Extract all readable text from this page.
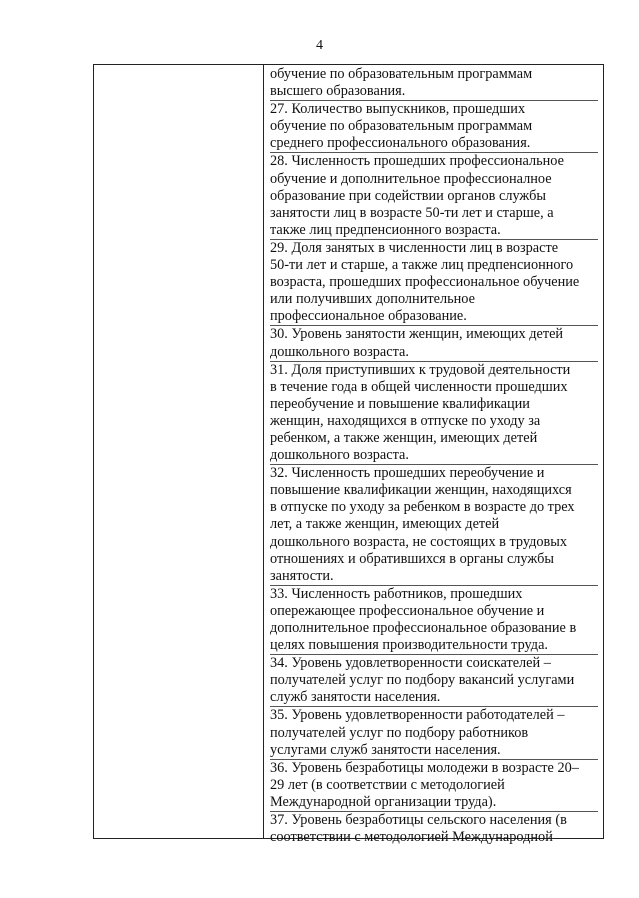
4

обучение по образовательным программам
высшего образования.

27. Количество выпускников, прошедших
обучение по образовательным программам
среднего профессионального образования.

28. Численность прошедших профессиональное
обучение и дополнительное профессионалное
образование при содействии органов службы
занятости лиц в возрасте 50-ти лет и старше, а
также лиц предпенсионного возраста.

29. Доля занятых в численности лиц в возрасте
50-ти лет и старше, а также лиц предпенсионного
возраста, прошедших профессиональное обучение
или получивших дополнительное
профессиональное образование.

30. Уровень занятости женщин, имеющих детей
дошкольного возраста.

31. Доля приступивших к трудовой деятельности
в течение года в общей численности прошедших
переобучение и повышение квалификации
женщин, находящихся в отпуске по уходу за
ребенком, а также женщин, имеющих детей
дошкольного возраста.

32. Численность прошедших переобучение и
повышение квалификации женщин, находящихся
в отпуске по уходу за ребенком в возрасте до трех
лет, а также женщин, имеющих детей
дошкольного возраста, не состоящих в трудовых
отношениях и обратившихся в органы службы
занятости.

33. Численность работников, прошедших
опережающее профессиональное обучение и
дополнительное профессиональное образование в
целях повышения производительности труда.

34. Уровень удовлетворенности соискателей –
получателей услуг по подбору вакансий услугами
служб занятости населения.

35. Уровень удовлетворенности работодателей –
получателей услуг по подбору работников
услугами служб занятости населения.

36. Уровень безработицы молодежи в возрасте 20–
29 лет (в соответствии с методологией
Международной организации труда).

37. Уровень безработицы сельского населения (в
соответствии с методологией Международной
